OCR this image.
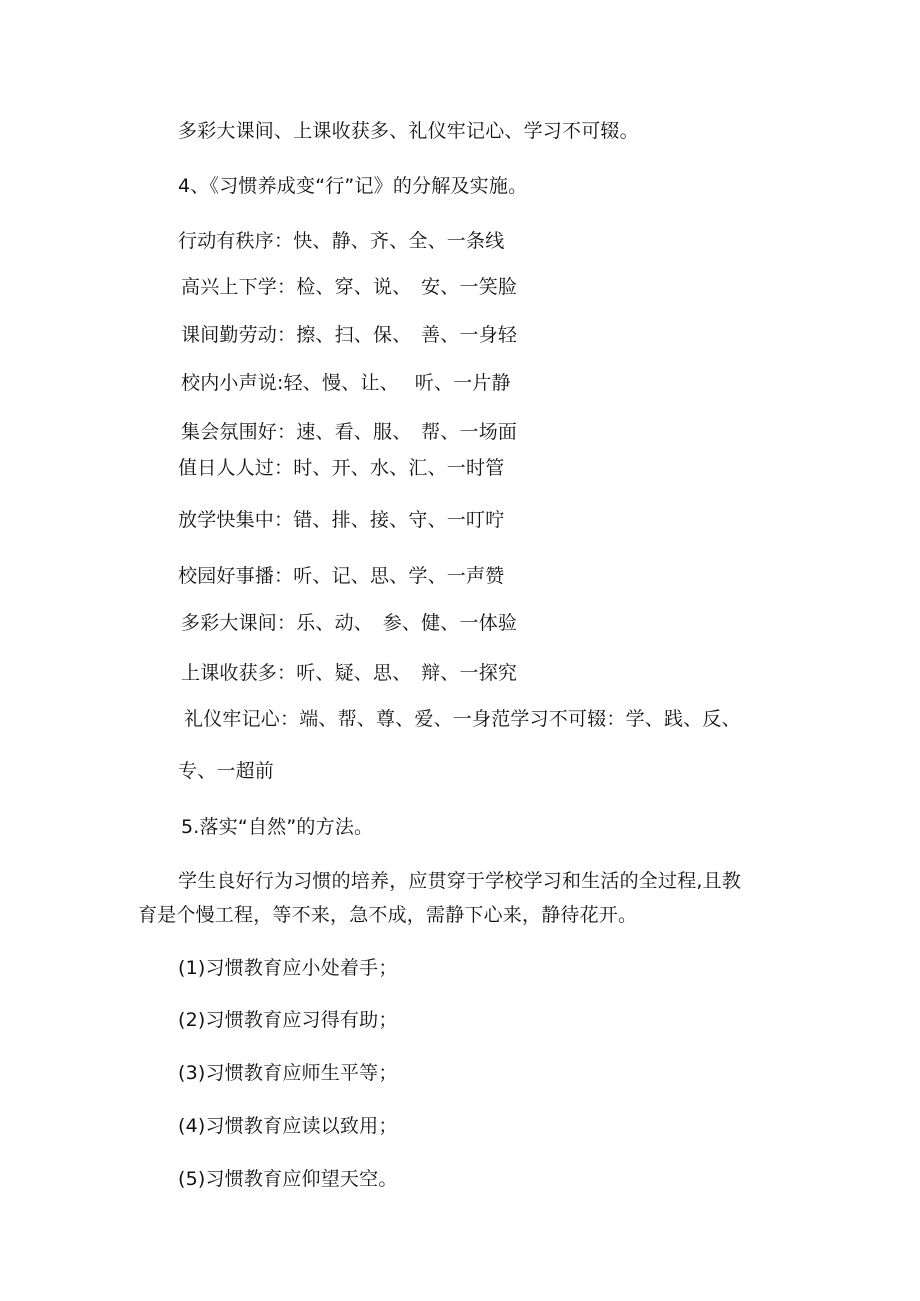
多彩大课间、上课收获多、礼仪牢记心、学习不可辍。
4、《习惯养成变“行”记》的分解及实施。
行动有秩序：快、静、齐、全、一条线
高兴上下学：检、穿、说、　安、一笑脸
课间勤劳动：擦、扫、保、　善、一身轻
校内小声说:轻、慢、让、　 听、一片静
集会氛围好：速、看、服、　帮、一场面
值日人人过：时、开、水、汇、一时管
放学快集中：错、排、接、守、一叮咛
校园好事播：听、记、思、学、一声赞
多彩大课间：乐、动、　参、健、一体验
上课收获多：听、疑、思、　辩、一探究
礼仪牢记心：端、帮、尊、爱、一身范学习不可辍：学、践、反、
专、一超前
5.落实“自然”的方法。
学生良好行为习惯的培养，应贯穿于学校学习和生活的全过程,且教
育是个慢工程，等不来，急不成，需静下心来，静待花开。
(1)习惯教育应小处着手；
(2)习惯教育应习得有助；
(3)习惯教育应师生平等；
(4)习惯教育应读以致用；
(5)习惯教育应仰望天空。
